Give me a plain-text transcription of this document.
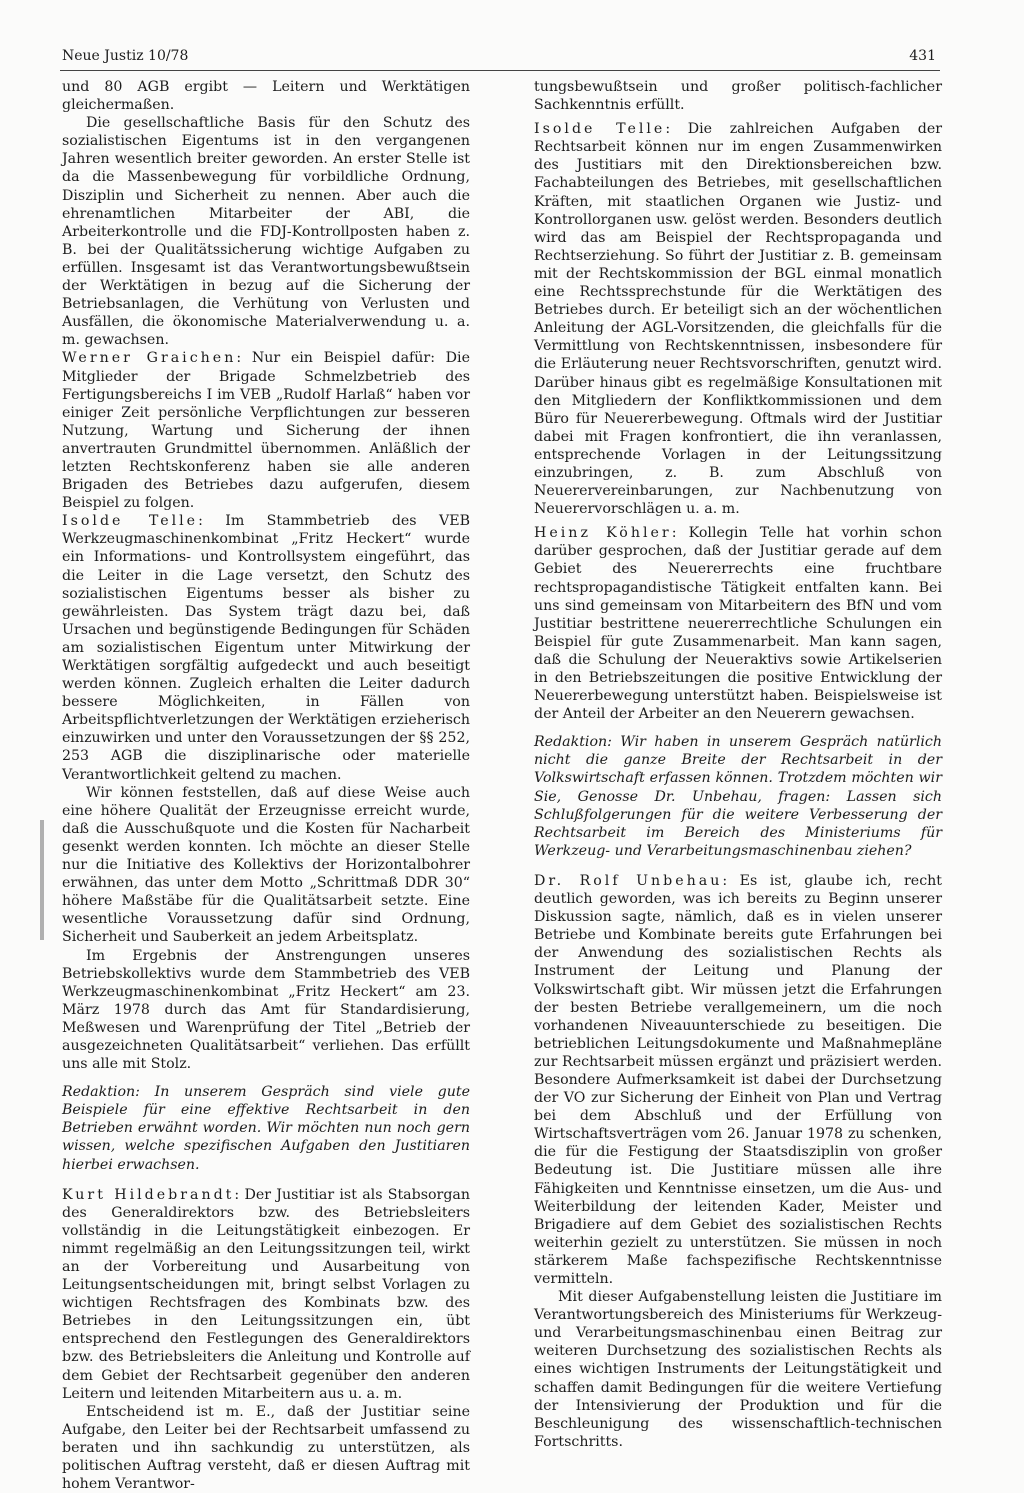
Neue Justiz 10/78	431

und 80 AGB ergibt — Leitern und Werktätigen gleichermaßen.

Die gesellschaftliche Basis für den Schutz des sozialistischen Eigentums ist in den vergangenen Jahren wesentlich breiter geworden. An erster Stelle ist da die Massenbewegung für vorbildliche Ordnung, Disziplin und Sicherheit zu nennen. Aber auch die ehrenamtlichen Mitarbeiter der ABI, die Arbeiterkontrolle und die FDJ-Kontrollposten haben z. B. bei der Qualitätssicherung wichtige Aufgaben zu erfüllen. Insgesamt ist das Verantwortungsbewußtsein der Werktätigen in bezug auf die Sicherung der Betriebsanlagen, die Verhütung von Verlusten und Ausfällen, die ökonomische Materialverwendung u. a. m. gewachsen.

Werner Graichen: Nur ein Beispiel dafür: Die Mitglieder der Brigade Schmelzbetrieb des Fertigungsbereichs I im VEB „Rudolf Harlaß“ haben vor einiger Zeit persönliche Verpflichtungen zur besseren Nutzung, Wartung und Sicherung der ihnen anvertrauten Grundmittel übernommen. Anläßlich der letzten Rechtskonferenz haben sie alle anderen Brigaden des Betriebes dazu aufgerufen, diesem Beispiel zu folgen.

Isolde Telle: Im Stammbetrieb des VEB Werkzeugmaschinenkombinat „Fritz Heckert“ wurde ein Informations- und Kontrollsystem eingeführt, das die Leiter in die Lage versetzt, den Schutz des sozialistischen Eigentums besser als bisher zu gewährleisten. Das System trägt dazu bei, daß Ursachen und begünstigende Bedingungen für Schäden am sozialistischen Eigentum unter Mitwirkung der Werktätigen sorgfältig aufgedeckt und auch beseitigt werden können. Zugleich erhalten die Leiter dadurch bessere Möglichkeiten, in Fällen von Arbeitspflichtverletzungen der Werktätigen erzieherisch einzuwirken und unter den Voraussetzungen der §§ 252, 253 AGB die disziplinarische oder materielle Verantwortlichkeit geltend zu machen.

Wir können feststellen, daß auf diese Weise auch eine höhere Qualität der Erzeugnisse erreicht wurde, daß die Ausschußquote und die Kosten für Nacharbeit gesenkt werden konnten. Ich möchte an dieser Stelle nur die Initiative des Kollektivs der Horizontalbohrer erwähnen, das unter dem Motto „Schrittmaß DDR 30“ höhere Maßstäbe für die Qualitätsarbeit setzte. Eine wesentliche Voraussetzung dafür sind Ordnung, Sicherheit und Sauberkeit an jedem Arbeitsplatz.

Im Ergebnis der Anstrengungen unseres Betriebskollektivs wurde dem Stammbetrieb des VEB Werkzeugmaschinenkombinat „Fritz Heckert“ am 23. März 1978 durch das Amt für Standardisierung, Meßwesen und Warenprüfung der Titel „Betrieb der ausgezeichneten Qualitätsarbeit“ verliehen. Das erfüllt uns alle mit Stolz.

Redaktion: In unserem Gespräch sind viele gute Beispiele für eine effektive Rechtsarbeit in den Betrieben erwähnt worden. Wir möchten nun noch gern wissen, welche spezifischen Aufgaben den Justitiaren hierbei erwachsen.

Kurt Hildebrandt: Der Justitiar ist als Stabsorgan des Generaldirektors bzw. des Betriebsleiters vollständig in die Leitungstätigkeit einbezogen. Er nimmt regelmäßig an den Leitungssitzungen teil, wirkt an der Vorbereitung und Ausarbeitung von Leitungsentscheidungen mit, bringt selbst Vorlagen zu wichtigen Rechtsfragen des Kombinats bzw. des Betriebes in den Leitungssitzungen ein, übt entsprechend den Festlegungen des Generaldirektors bzw. des Betriebsleiters die Anleitung und Kontrolle auf dem Gebiet der Rechtsarbeit gegenüber den anderen Leitern und leitenden Mitarbeitern aus u. a. m.

Entscheidend ist m. E., daß der Justitiar seine Aufgabe, den Leiter bei der Rechtsarbeit umfassend zu beraten und ihn sachkundig zu unterstützen, als politischen Auftrag versteht, daß er diesen Auftrag mit hohem Verantwor-

tungsbewußtsein und großer politisch-fachlicher Sachkenntnis erfüllt.

Isolde Telle: Die zahlreichen Aufgaben der Rechtsarbeit können nur im engen Zusammenwirken des Justitiars mit den Direktionsbereichen bzw. Fachabteilungen des Betriebes, mit gesellschaftlichen Kräften, mit staatlichen Organen wie Justiz- und Kontrollorganen usw. gelöst werden. Besonders deutlich wird das am Beispiel der Rechtspropaganda und Rechtserziehung. So führt der Justitiar z. B. gemeinsam mit der Rechtskommission der BGL einmal monatlich eine Rechtssprechstunde für die Werktätigen des Betriebes durch. Er beteiligt sich an der wöchentlichen Anleitung der AGL-Vorsitzenden, die gleichfalls für die Vermittlung von Rechtskenntnissen, insbesondere für die Erläuterung neuer Rechtsvorschriften, genutzt wird. Darüber hinaus gibt es regelmäßige Konsultationen mit den Mitgliedern der Konfliktkommissionen und dem Büro für Neuererbewegung. Oftmals wird der Justitiar dabei mit Fragen konfrontiert, die ihn veranlassen, entsprechende Vorlagen in der Leitungssitzung einzubringen, z. B. zum Abschluß von Neuerervereinbarungen, zur Nachbenutzung von Neuerervorschlägen u. a. m.

Heinz Köhler: Kollegin Telle hat vorhin schon darüber gesprochen, daß der Justitiar gerade auf dem Gebiet des Neuererrechts eine fruchtbare rechtspropagandistische Tätigkeit entfalten kann. Bei uns sind gemeinsam von Mitarbeitern des BfN und vom Justitiar bestrittene neuererrechtliche Schulungen ein Beispiel für gute Zusammenarbeit. Man kann sagen, daß die Schulung der Neueraktivs sowie Artikelserien in den Betriebszeitungen die positive Entwicklung der Neuererbewegung unterstützt haben. Beispielsweise ist der Anteil der Arbeiter an den Neuerern gewachsen.

Redaktion: Wir haben in unserem Gespräch natürlich nicht die ganze Breite der Rechtsarbeit in der Volkswirtschaft erfassen können. Trotzdem möchten wir Sie, Genosse Dr. Unbehau, fragen: Lassen sich Schlußfolgerungen für die weitere Verbesserung der Rechtsarbeit im Bereich des Ministeriums für Werkzeug- und Verarbeitungsmaschinenbau ziehen?

Dr. Rolf Unbehau: Es ist, glaube ich, recht deutlich geworden, was ich bereits zu Beginn unserer Diskussion sagte, nämlich, daß es in vielen unserer Betriebe und Kombinate bereits gute Erfahrungen bei der Anwendung des sozialistischen Rechts als Instrument der Leitung und Planung der Volkswirtschaft gibt. Wir müssen jetzt die Erfahrungen der besten Betriebe verallgemeinern, um die noch vorhandenen Niveauunterschiede zu beseitigen. Die betrieblichen Leitungsdokumente und Maßnahmepläne zur Rechtsarbeit müssen ergänzt und präzisiert werden. Besondere Aufmerksamkeit ist dabei der Durchsetzung der VO zur Sicherung der Einheit von Plan und Vertrag bei dem Abschluß und der Erfüllung von Wirtschaftsverträgen vom 26. Januar 1978 zu schenken, die für die Festigung der Staatsdisziplin von großer Bedeutung ist. Die Justitiare müssen alle ihre Fähigkeiten und Kenntnisse einsetzen, um die Aus- und Weiterbildung der leitenden Kader, Meister und Brigadiere auf dem Gebiet des sozialistischen Rechts weiterhin gezielt zu unterstützen. Sie müssen in noch stärkerem Maße fachspezifische Rechtskenntnisse vermitteln.

Mit dieser Aufgabenstellung leisten die Justitiare im Verantwortungsbereich des Ministeriums für Werkzeug- und Verarbeitungsmaschinenbau einen Beitrag zur weiteren Durchsetzung des sozialistischen Rechts als eines wichtigen Instruments der Leitungstätigkeit und schaffen damit Bedingungen für die weitere Vertiefung der Intensivierung der Produktion und für die Beschleunigung des wissenschaftlich-technischen Fortschritts.
